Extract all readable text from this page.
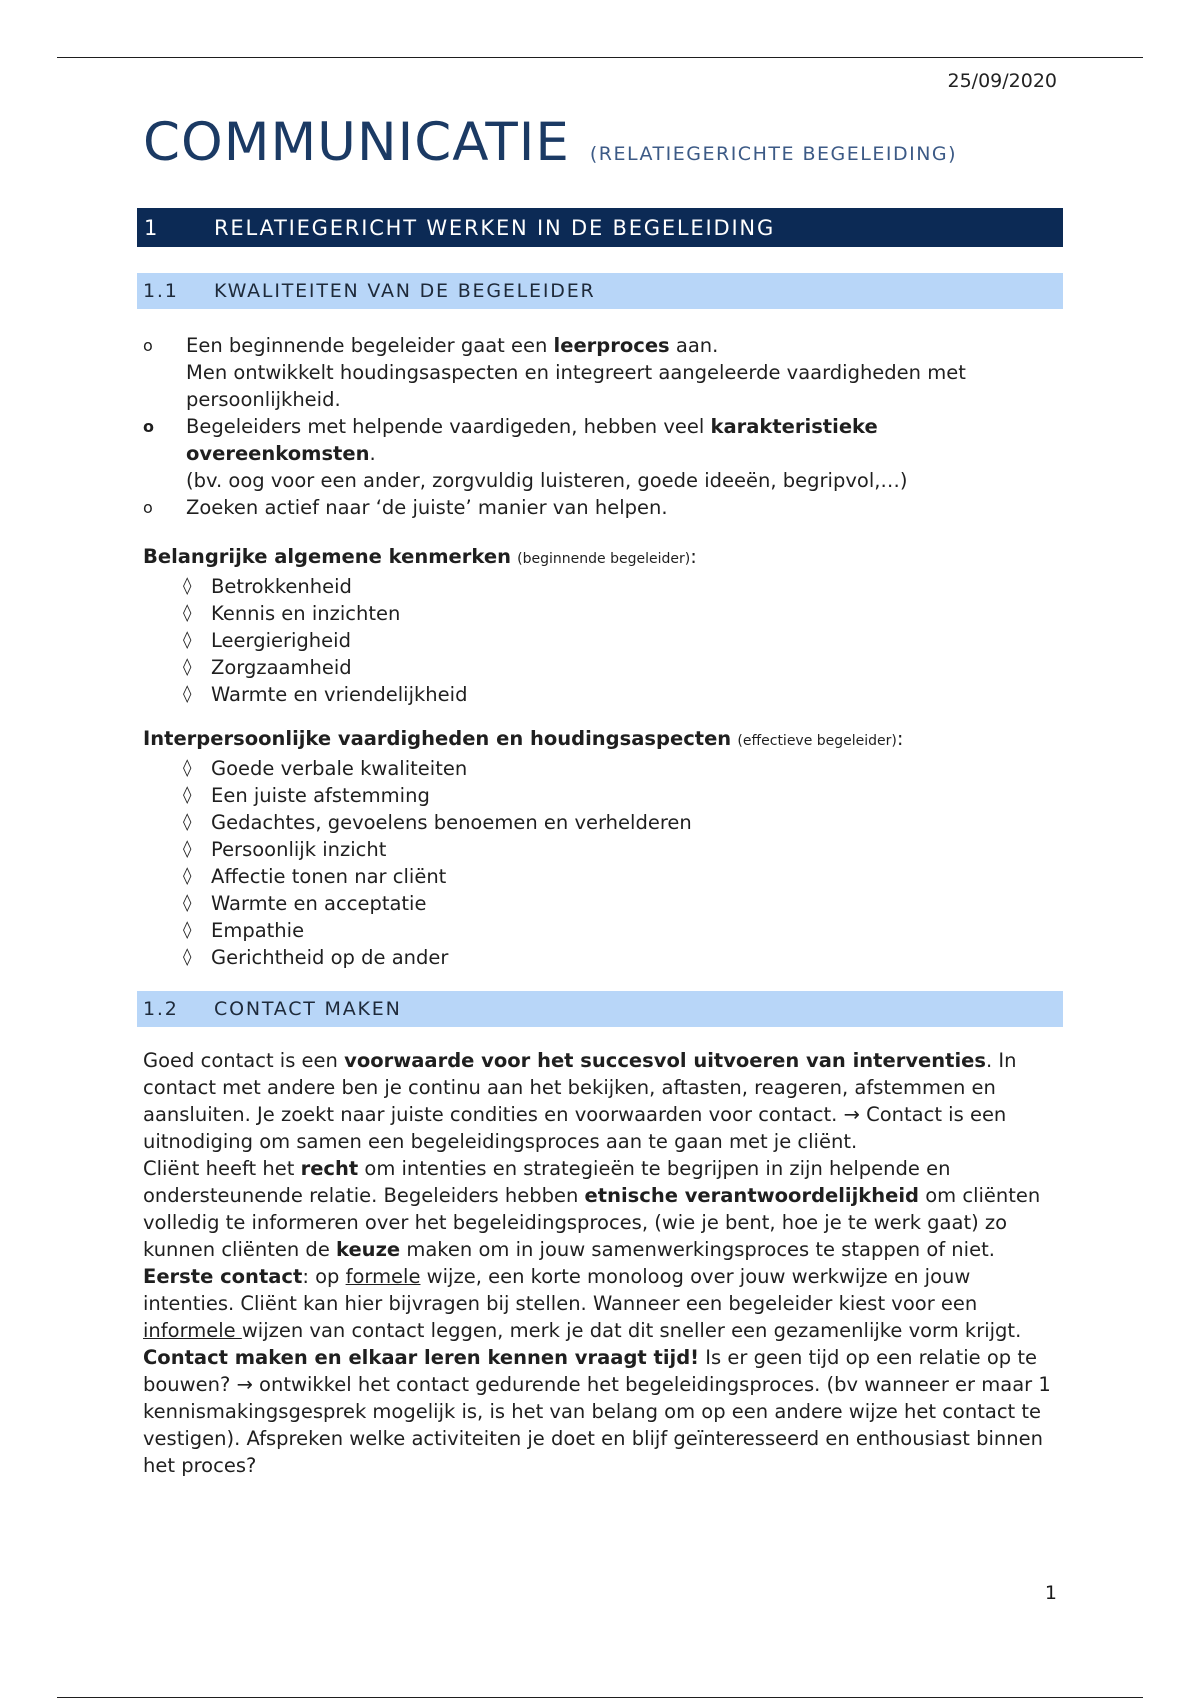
25/09/2020
COMMUNICATIE (RELATIEGERICHTE BEGELEIDING)
1	RELATIEGERICHT WERKEN IN DE BEGELEIDING
1.1	KWALITEITEN VAN DE BEGELEIDER
o	Een beginnende begeleider gaat een leerproces aan.

Men ontwikkelt houdingsaspecten en integreert aangeleerde vaardigheden met persoonlijkheid.

o	Begeleiders met helpende vaardigeden, hebben veel karakteristieke overeenkomsten.

(bv. oog voor een ander, zorgvuldig luisteren, goede ideeën, begripvol,…)

o	Zoeken actief naar ‘de juiste’ manier van helpen.

Belangrijke algemene kenmerken (beginnende begeleider):

◊	Betrokkenheid
◊	Kennis en inzichten
◊	Leergierigheid
◊	Zorgzaamheid
◊	Warmte en vriendelijkheid

Interpersoonlijke vaardigheden en houdingsaspecten (effectieve begeleider):

◊	Goede verbale kwaliteiten
◊	Een juiste afstemming
◊	Gedachtes, gevoelens benoemen en verhelderen
◊	Persoonlijk inzicht
◊	Affectie tonen nar cliënt
◊	Warmte en acceptatie
◊	Empathie
◊	Gerichtheid op de ander
1.2	CONTACT MAKEN

Goed contact is een voorwaarde voor het succesvol uitvoeren van interventies. In contact met andere ben je continu aan het bekijken, aftasten, reageren, afstemmen en aansluiten. Je zoekt naar juiste condities en voorwaarden voor contact. → Contact is een uitnodiging om samen een begeleidingsproces aan te gaan met je cliënt.

Cliënt heeft het recht om intenties en strategieën te begrijpen in zijn helpende en ondersteunende relatie. Begeleiders hebben etnische verantwoordelijkheid om cliënten volledig te informeren over het begeleidingsproces, (wie je bent, hoe je te werk gaat) zo kunnen cliënten de keuze maken om in jouw samenwerkingsproces te stappen of niet.

Eerste contact: op formele wijze, een korte monoloog over jouw werkwijze en jouw intenties. Cliënt kan hier bijvragen bij stellen. Wanneer een begeleider kiest voor een informele wijzen van contact leggen, merk je dat dit sneller een gezamenlijke vorm krijgt.

Contact maken en elkaar leren kennen vraagt tijd! Is er geen tijd op een relatie op te bouwen? → ontwikkel het contact gedurende het begeleidingsproces. (bv wanneer er maar 1 kennismakingsgesprek mogelijk is, is het van belang om op een andere wijze het contact te vestigen). Afspreken welke activiteiten je doet en blijf geïnteresseerd en enthousiast binnen het proces?

1
